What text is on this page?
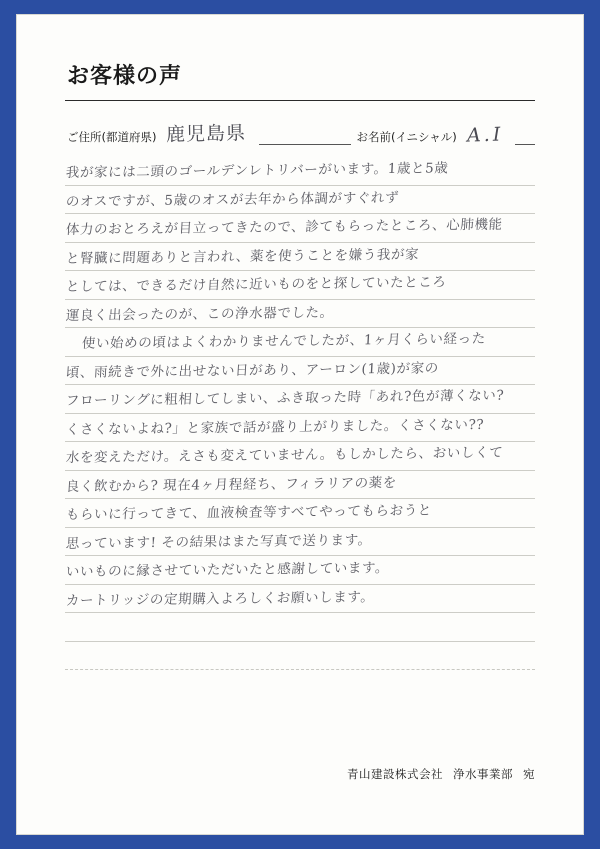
お客様の声
ご住所(都道府県) 鹿児島県	お名前(イニシャル) A.I
我が家には二頭のゴールデンレトリバーがいます。1歳と5歳
のオスですが、5歳のオスが去年から体調がすぐれず
体力のおとろえが目立ってきたので、診てもらったところ、心肺機能
と腎臓に問題ありと言われ、薬を使うことを嫌う我が家
としては、できるだけ自然に近いものをと探していたところ
運良く出会ったのが、この浄水器でした。
使い始めの頃はよくわかりませんでしたが、1ヶ月くらい経った
頃、雨続きで外に出せない日があり、アーロン(1歳)が家の
フローリングに粗相してしまい、ふき取った時「あれ?色が薄くない?
くさくないよね?」と家族で話が盛り上がりました。くさくない??
水を変えただけ。えさも変えていません。もしかしたら、おいしくて
良く飲むから? 現在4ヶ月程経ち、フィラリアの薬を
もらいに行ってきて、血液検査等すべてやってもらおうと
思っています! その結果はまた写真で送ります。
いいものに縁させていただいたと感謝しています。
カートリッジの定期購入よろしくお願いします。
青山建設株式会社 浄水事業部 宛
